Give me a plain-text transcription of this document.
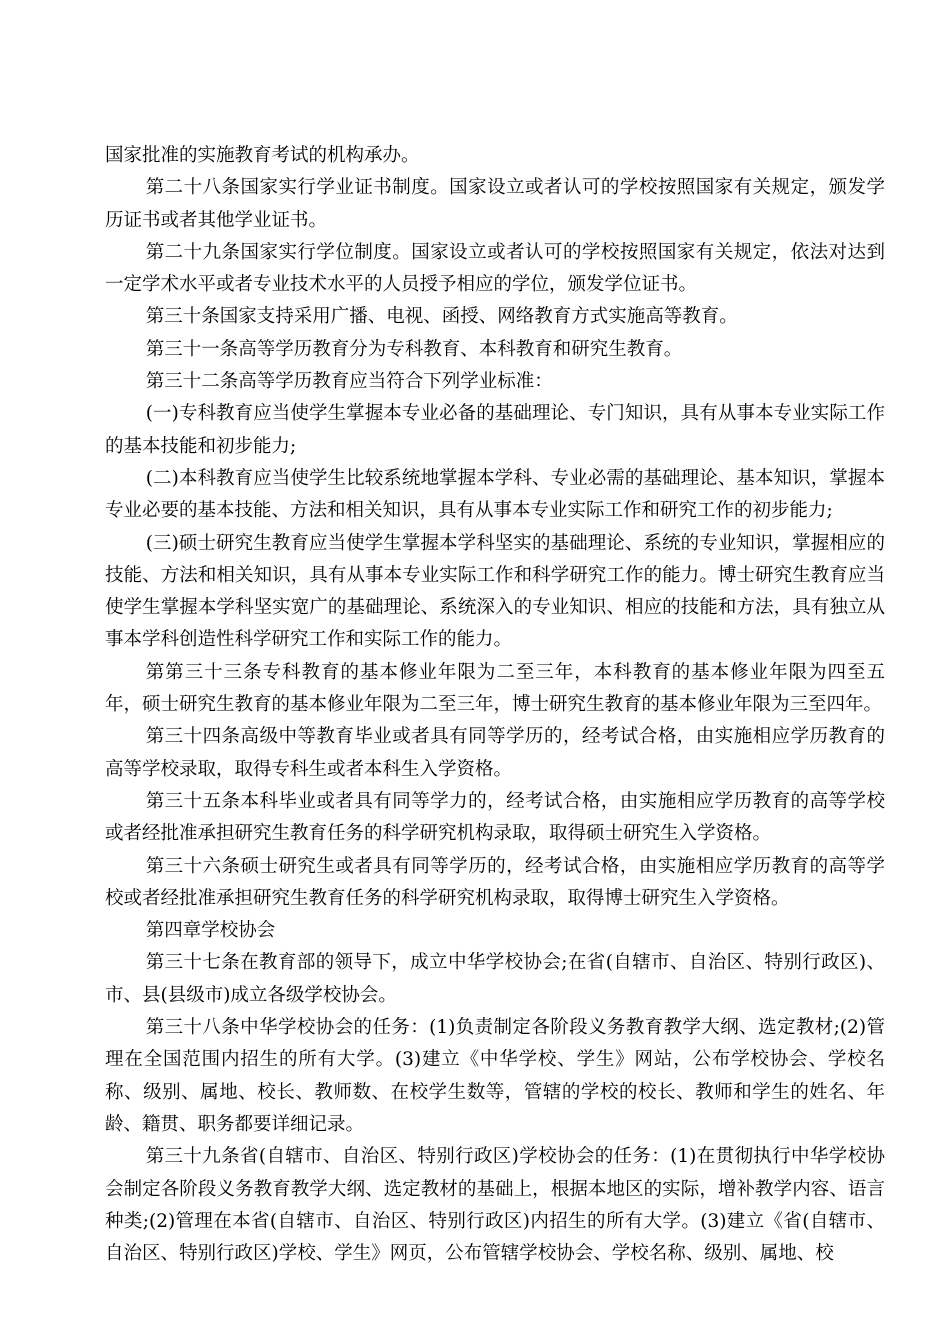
国家批准的实施教育考试的机构承办。

第二十八条国家实行学业证书制度。国家设立或者认可的学校按照国家有关规定，颁发学历证书或者其他学业证书。

第二十九条国家实行学位制度。国家设立或者认可的学校按照国家有关规定，依法对达到一定学术水平或者专业技术水平的人员授予相应的学位，颁发学位证书。

第三十条国家支持采用广播、电视、函授、网络教育方式实施高等教育。

第三十一条高等学历教育分为专科教育、本科教育和研究生教育。

第三十二条高等学历教育应当符合下列学业标准：

(一)专科教育应当使学生掌握本专业必备的基础理论、专门知识，具有从事本专业实际工作的基本技能和初步能力;

(二)本科教育应当使学生比较系统地掌握本学科、专业必需的基础理论、基本知识，掌握本专业必要的基本技能、方法和相关知识，具有从事本专业实际工作和研究工作的初步能力;

(三)硕士研究生教育应当使学生掌握本学科坚实的基础理论、系统的专业知识，掌握相应的技能、方法和相关知识，具有从事本专业实际工作和科学研究工作的能力。博士研究生教育应当使学生掌握本学科坚实宽广的基础理论、系统深入的专业知识、相应的技能和方法，具有独立从事本学科创造性科学研究工作和实际工作的能力。

第第三十三条专科教育的基本修业年限为二至三年，本科教育的基本修业年限为四至五年，硕士研究生教育的基本修业年限为二至三年，博士研究生教育的基本修业年限为三至四年。

第三十四条高级中等教育毕业或者具有同等学历的，经考试合格，由实施相应学历教育的高等学校录取，取得专科生或者本科生入学资格。

第三十五条本科毕业或者具有同等学力的，经考试合格，由实施相应学历教育的高等学校或者经批准承担研究生教育任务的科学研究机构录取，取得硕士研究生入学资格。

第三十六条硕士研究生或者具有同等学历的，经考试合格，由实施相应学历教育的高等学校或者经批准承担研究生教育任务的科学研究机构录取，取得博士研究生入学资格。

第四章学校协会

第三十七条在教育部的领导下，成立中华学校协会;在省(自辖市、自治区、特别行政区)、市、县(县级市)成立各级学校协会。

第三十八条中华学校协会的任务：(1)负责制定各阶段义务教育教学大纲、选定教材;(2)管理在全国范围内招生的所有大学。(3)建立《中华学校、学生》网站，公布学校协会、学校名称、级别、属地、校长、教师数、在校学生数等，管辖的学校的校长、教师和学生的姓名、年龄、籍贯、职务都要详细记录。

第三十九条省(自辖市、自治区、特别行政区)学校协会的任务：(1)在贯彻执行中华学校协会制定各阶段义务教育教学大纲、选定教材的基础上，根据本地区的实际，增补教学内容、语言种类;(2)管理在本省(自辖市、自治区、特别行政区)内招生的所有大学。(3)建立《省(自辖市、自治区、特别行政区)学校、学生》网页，公布管辖学校协会、学校名称、级别、属地、校
